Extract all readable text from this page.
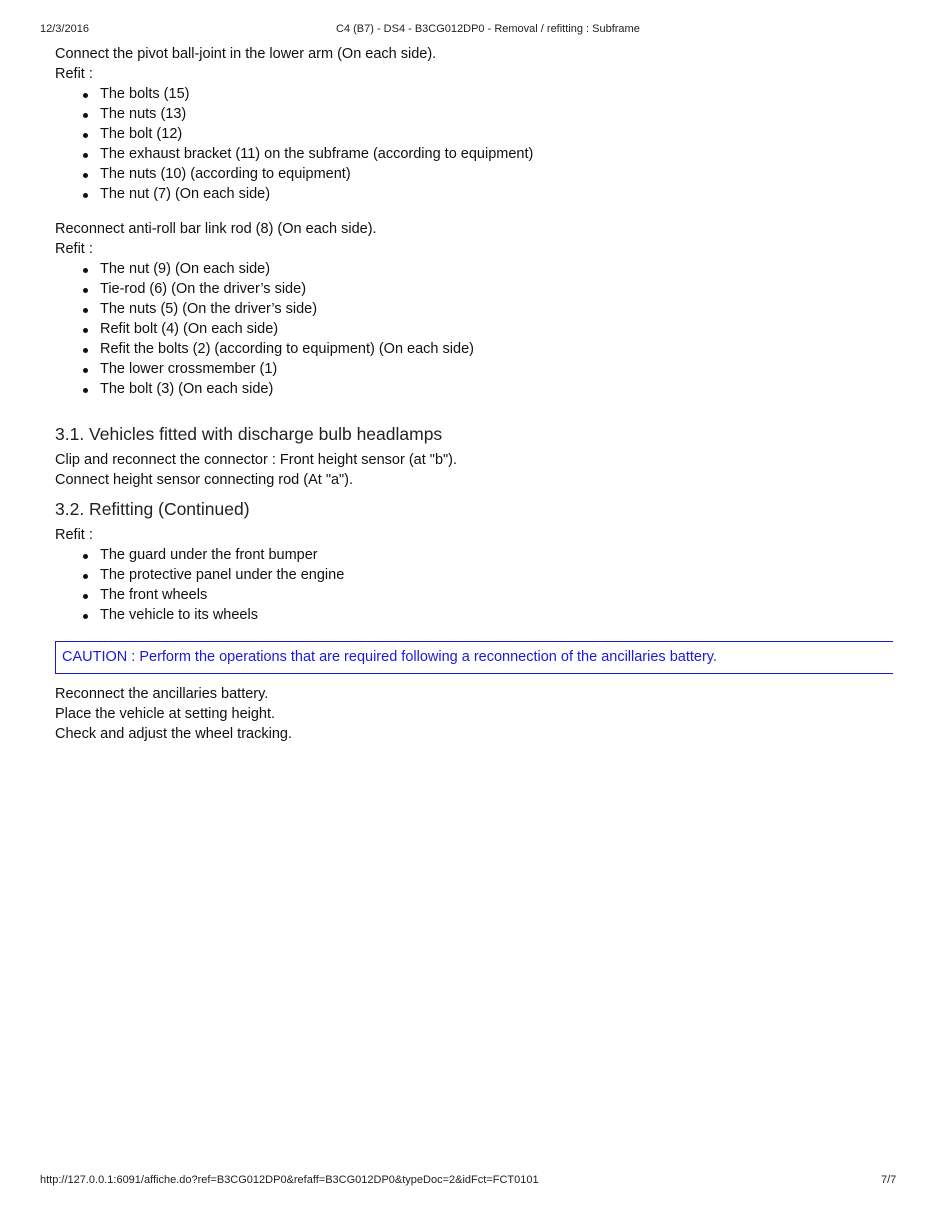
12/3/2016	C4 (B7) - DS4 - B3CG012DP0 - Removal / refitting : Subframe
Connect the pivot ball-joint in the lower arm (On each side).
Refit :
The bolts (15)
The nuts (13)
The bolt (12)
The exhaust bracket (11) on the subframe (according to equipment)
The nuts (10) (according to equipment)
The nut (7) (On each side)
Reconnect anti-roll bar link rod (8) (On each side).
Refit :
The nut (9) (On each side)
Tie-rod (6) (On the driver’s side)
The nuts (5) (On the driver’s side)
Refit bolt (4) (On each side)
Refit the bolts (2) (according to equipment) (On each side)
The lower crossmember (1)
The bolt (3) (On each side)
3.1. Vehicles fitted with discharge bulb headlamps
Clip and reconnect the connector : Front height sensor (at "b").
Connect height sensor connecting rod (At "a").
3.2. Refitting (Continued)
Refit :
The guard under the front bumper
The protective panel under the engine
The front wheels
The vehicle to its wheels
CAUTION : Perform the operations that are required following a reconnection of the ancillaries battery.
Reconnect the ancillaries battery.
Place the vehicle at setting height.
Check and adjust the wheel tracking.
http://127.0.0.1:6091/affiche.do?ref=B3CG012DP0&refaff=B3CG012DP0&typeDoc=2&idFct=FCT0101	7/7
